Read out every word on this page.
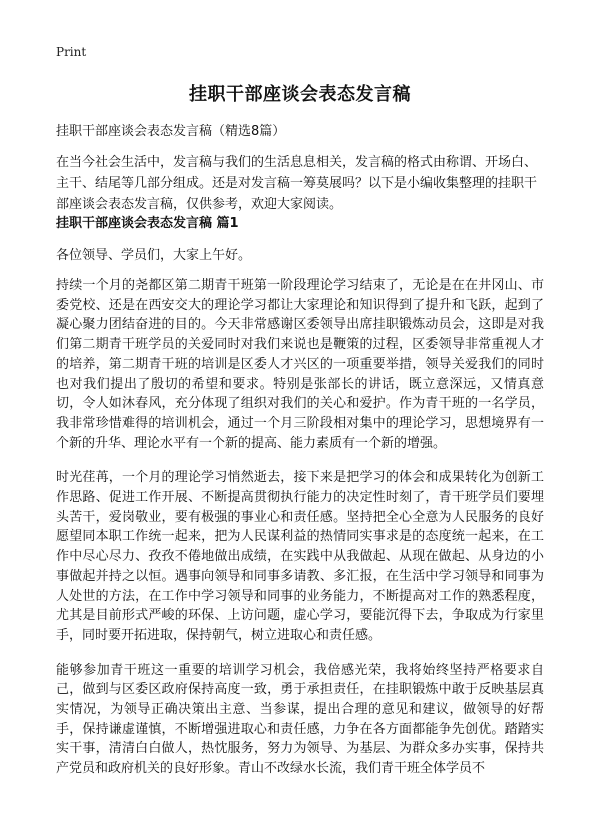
Print
挂职干部座谈会表态发言稿
挂职干部座谈会表态发言稿（精选8篇）
在当今社会生活中，发言稿与我们的生活息息相关，发言稿的格式由称谓、开场白、主干、结尾等几部分组成。还是对发言稿一筹莫展吗？以下是小编收集整理的挂职干部座谈会表态发言稿，仅供参考，欢迎大家阅读。
挂职干部座谈会表态发言稿 篇1
各位领导、学员们，大家上午好。

持续一个月的尧都区第二期青干班第一阶段理论学习结束了，无论是在在井冈山、市委党校、还是在西安交大的理论学习都让大家理论和知识得到了提升和飞跃，起到了凝心聚力团结奋进的目的。今天非常感谢区委领导出席挂职锻炼动员会，这即是对我们第二期青干班学员的关爱同时对我们来说也是鞭策的过程，区委领导非常重视人才的培养，第二期青干班的培训是区委人才兴区的一项重要举措，领导关爱我们的同时也对我们提出了殷切的希望和要求。特别是张部长的讲话，既立意深远，又情真意切，令人如沐春风，充分体现了组织对我们的关心和爱护。作为青干班的一名学员，我非常珍惜难得的培训机会，通过一个月三阶段相对集中的理论学习，思想境界有一个新的升华、理论水平有一个新的提高、能力素质有一个新的增强。

时光荏苒，一个月的理论学习悄然逝去，接下来是把学习的体会和成果转化为创新工作思路、促进工作开展、不断提高贯彻执行能力的决定性时刻了，青干班学员们要埋头苦干，爱岗敬业，要有极强的事业心和责任感。坚持把全心全意为人民服务的良好愿望同本职工作统一起来，把为人民谋利益的热情同实事求是的态度统一起来，在工作中尽心尽力、孜孜不倦地做出成绩，在实践中从我做起、从现在做起、从身边的小事做起并持之以恒。遇事向领导和同事多请教、多汇报，在生活中学习领导和同事为人处世的方法，在工作中学习领导和同事的业务能力，不断提高对工作的熟悉程度，尤其是目前形式严峻的环保、上访问题，虚心学习，要能沉得下去，争取成为行家里手，同时要开拓进取，保持朝气，树立进取心和责任感。

能够参加青干班这一重要的培训学习机会，我倍感光荣，我将始终坚持严格要求自己，做到与区委区政府保持高度一致，勇于承担责任，在挂职锻炼中敢于反映基层真实情况，为领导正确决策出主意、当参谋，提出合理的意见和建议，做领导的好帮手，保持谦虚谨慎，不断增强进取心和责任感，力争在各方面都能争先创优。踏踏实实干事，清清白白做人，热忱服务，努力为领导、为基层、为群众多办实事，保持共产党员和政府机关的良好形象。青山不改绿水长流，我们青干班全体学员不
